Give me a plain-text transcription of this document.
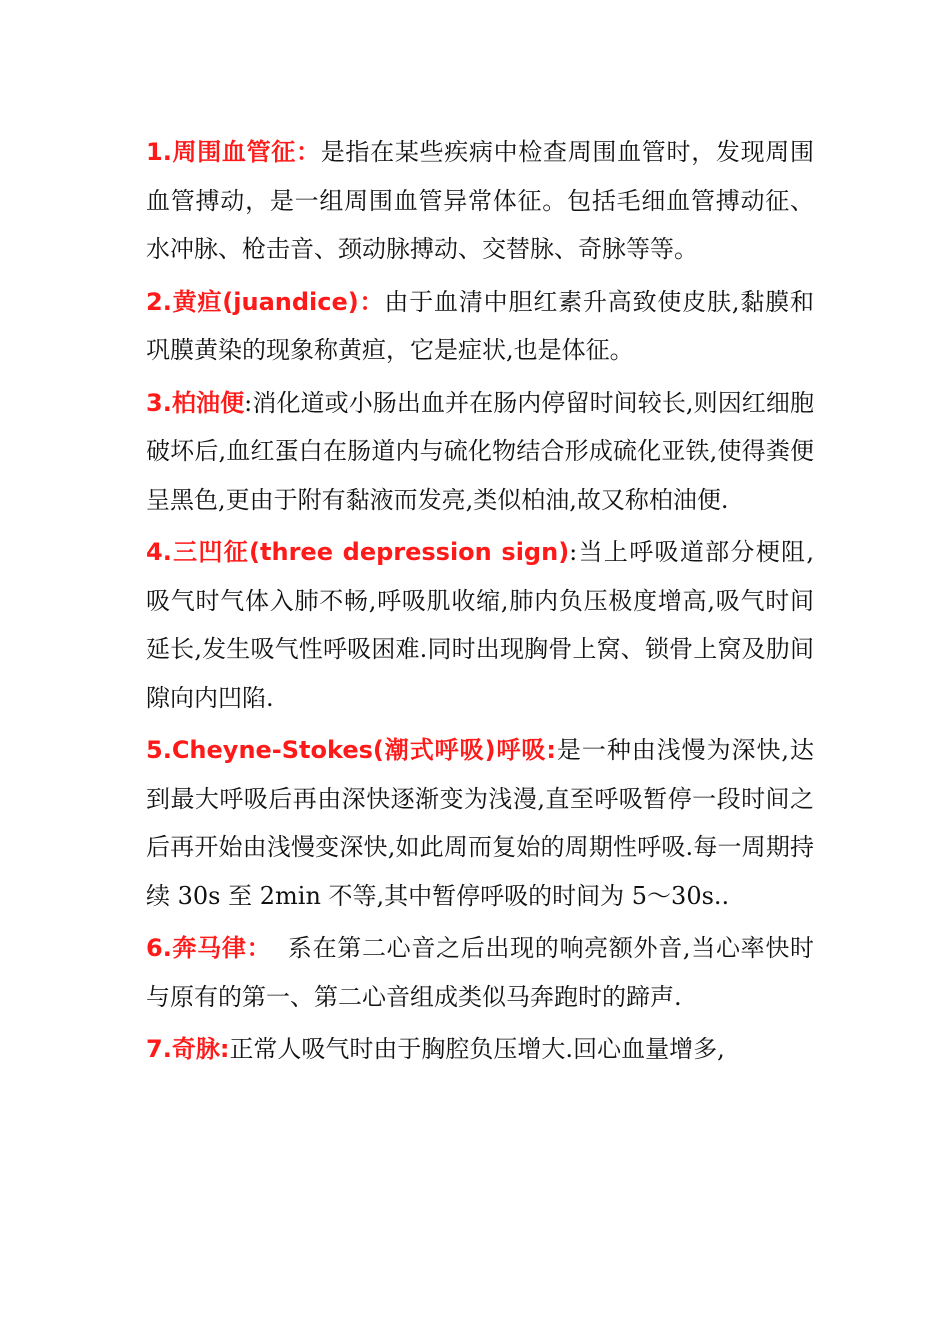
1.周围血管征：是指在某些疾病中检查周围血管时，发现周围血管搏动，是一组周围血管异常体征。包括毛细血管搏动征、水冲脉、枪击音、颈动脉搏动、交替脉、奇脉等等。

2.黄疸(juandice)：由于血清中胆红素升高致使皮肤,黏膜和巩膜黄染的现象称黄疸，它是症状,也是体征。

3.柏油便:消化道或小肠出血并在肠内停留时间较长,则因红细胞破坏后,血红蛋白在肠道内与硫化物结合形成硫化亚铁,使得粪便呈黑色,更由于附有黏液而发亮,类似柏油,故又称柏油便.

4.三凹征(three depression sign):当上呼吸道部分梗阻,吸气时气体入肺不畅,呼吸肌收缩,肺内负压极度增高,吸气时间延长,发生吸气性呼吸困难.同时出现胸骨上窝、锁骨上窝及肋间隙向内凹陷.

5.Cheyne-Stokes(潮式呼吸)呼吸:是一种由浅慢为深快,达到最大呼吸后再由深快逐渐变为浅漫,直至呼吸暂停一段时间之后再开始由浅慢变深快,如此周而复始的周期性呼吸.每一周期持续 30s 至 2min 不等,其中暂停呼吸的时间为 5～30s..

6.奔马律：  系在第二心音之后出现的响亮额外音,当心率快时与原有的第一、第二心音组成类似马奔跑时的蹄声.

7.奇脉:正常人吸气时由于胸腔负压增大.回心血量增多,
